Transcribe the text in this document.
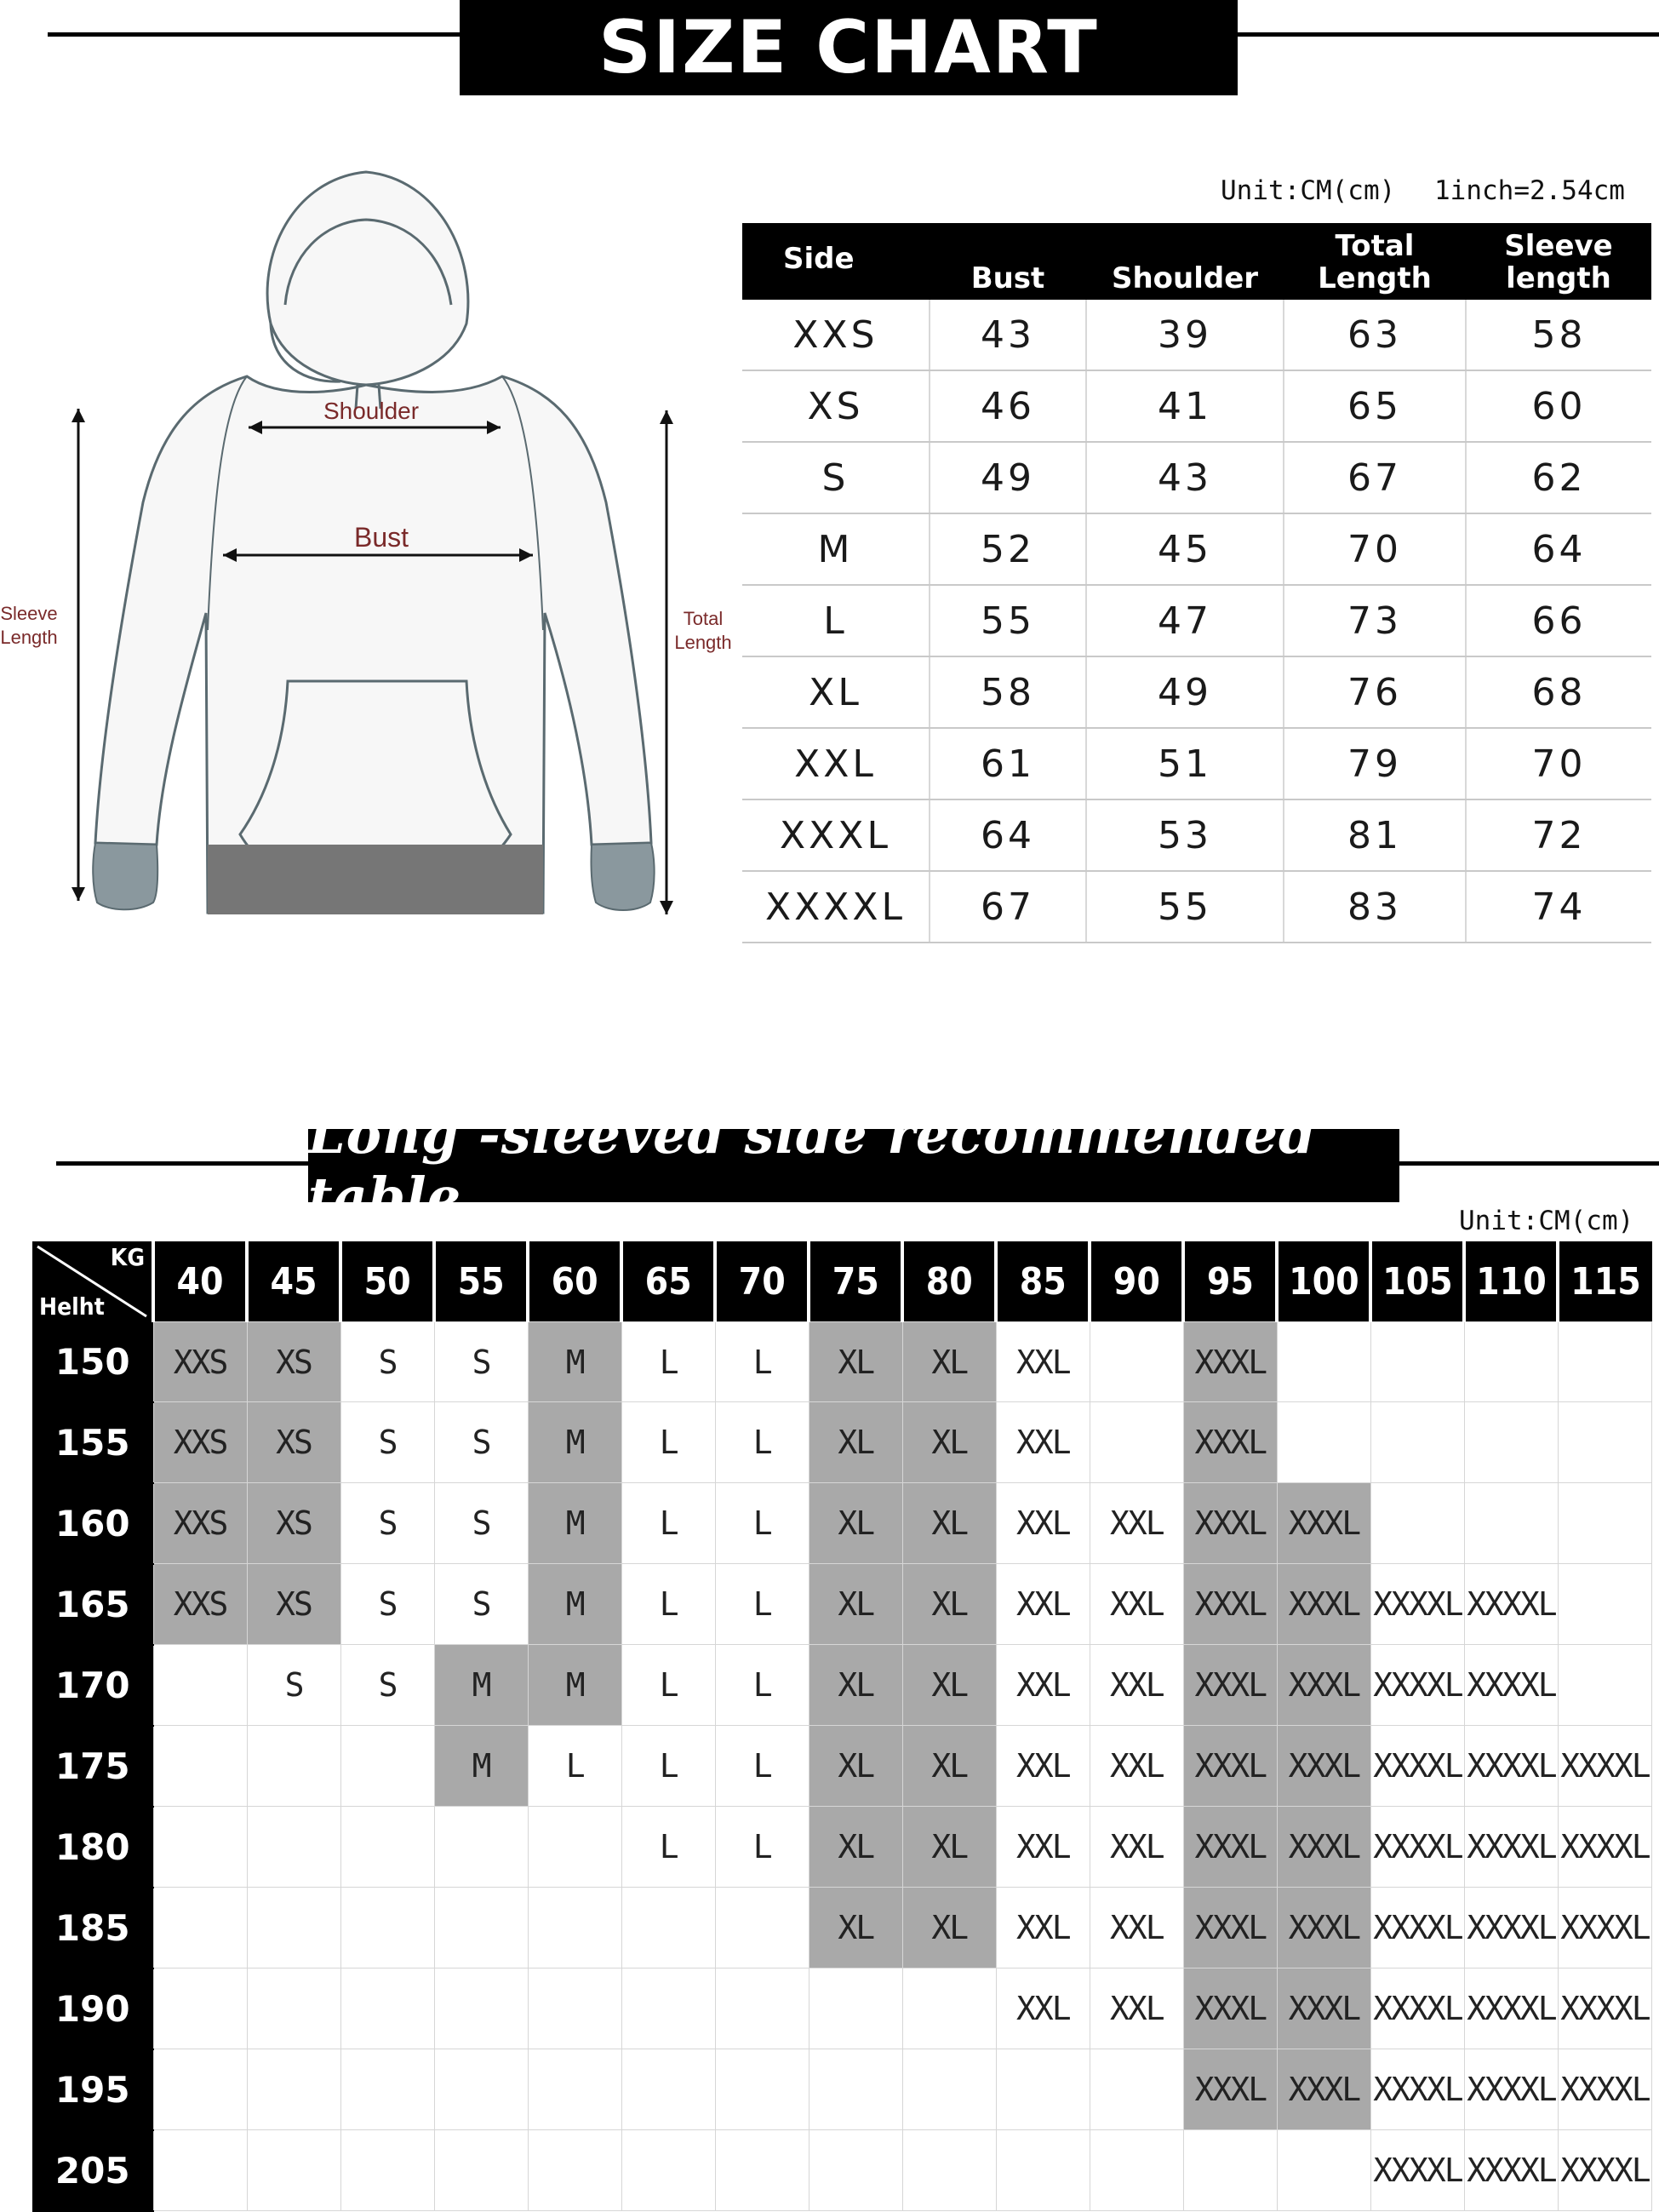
SIZE CHART
Unit:CM(cm) 1inch=2.54cm
Shoulder
Bust
Sleeve
Length
Total
Length
Side	Bust	Shoulder	Total Length	Sleeve length
XXS	43	39	63	58
XS	46	41	65	60
S	49	43	67	62
M	52	45	70	64
L	55	47	73	66
XL	58	49	76	68
XXL	61	51	79	70
XXXL	64	53	81	72
XXXXL	67	55	83	74
Long -sleeved side recommended table	Unit:CM(cm)
KG
Helht	40	45	50	55	60	65	70	75	80	85	90	95	100	105	110	115
150	XXS	XS	S	S	M	L	L	XL	XL	XXL		XXXL				
155	XXS	XS	S	S	M	L	L	XL	XL	XXL		XXXL				
160	XXS	XS	S	S	M	L	L	XL	XL	XXL	XXL	XXXL	XXXL			
165	XXS	XS	S	S	M	L	L	XL	XL	XXL	XXL	XXXL	XXXL	XXXXL	XXXXL	
170		S	S	M	M	L	L	XL	XL	XXL	XXL	XXXL	XXXL	XXXXL	XXXXL	
175				M	L	L	L	XL	XL	XXL	XXL	XXXL	XXXL	XXXXL	XXXXL	XXXXL
180						L	L	XL	XL	XXL	XXL	XXXL	XXXL	XXXXL	XXXXL	XXXXL
185								XL	XL	XXL	XXL	XXXL	XXXL	XXXXL	XXXXL	XXXXL
190										XXL	XXL	XXXL	XXXL	XXXXL	XXXXL	XXXXL
195												XXXL	XXXL	XXXXL	XXXXL	XXXXL
205														XXXXL	XXXXL	XXXXL
